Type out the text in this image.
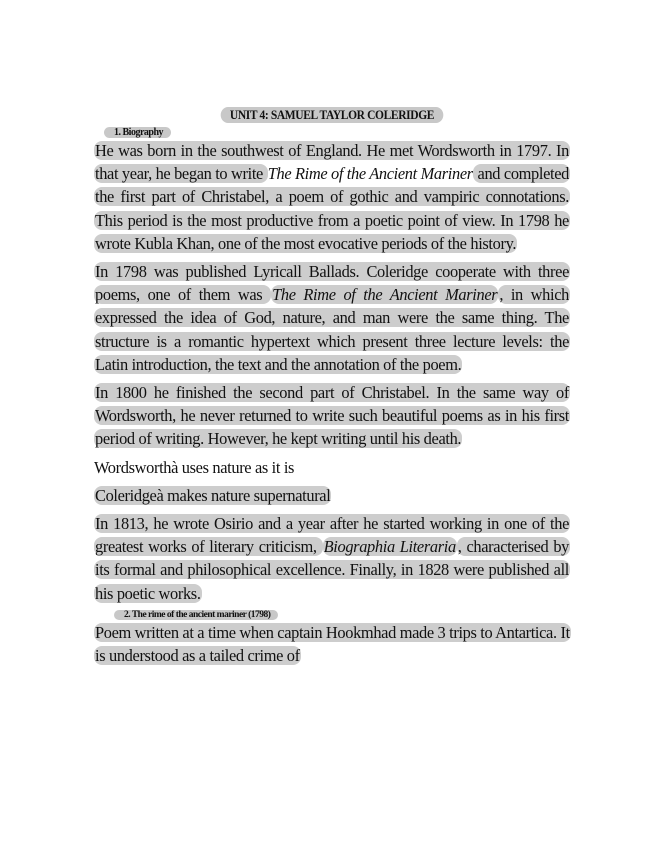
UNIT 4: SAMUEL TAYLOR COLERIDGE
1. Biography

He was born in the southwest of England. He met Wordsworth in 1797. In that year, he began to write The Rime of the Ancient Mariner and completed the first part of Christabel, a poem of gothic and vampiric connotations. This period is the most productive from a poetic point of view. In 1798 he wrote Kubla Khan, one of the most evocative periods of the history.

In 1798 was published Lyricall Ballads. Coleridge cooperate with three poems, one of them was The Rime of the Ancient Mariner , in which expressed the idea of God, nature, and man were the same thing. The structure is a romantic hypertext which present three lecture levels: the Latin introduction, the text and the annotation of the poem.

In 1800 he finished the second part of Christabel. In the same way of Wordsworth, he never returned to write such beautiful poems as in his first period of writing. However, he kept writing until his death.

Wordsworthà uses nature as it is

Coleridgeà makes nature supernatural

In 1813, he wrote Osirio and a year after he started working in one of the greatest works of literary criticism, Biographia Literaria , characterised by its formal and philosophical excellence. Finally, in 1828 were published all his poetic works.

2. The rime of the ancient mariner (1798)

Poem written at a time when captain Hookmhad made 3 trips to Antartica. It is understood as a tailed crime of
